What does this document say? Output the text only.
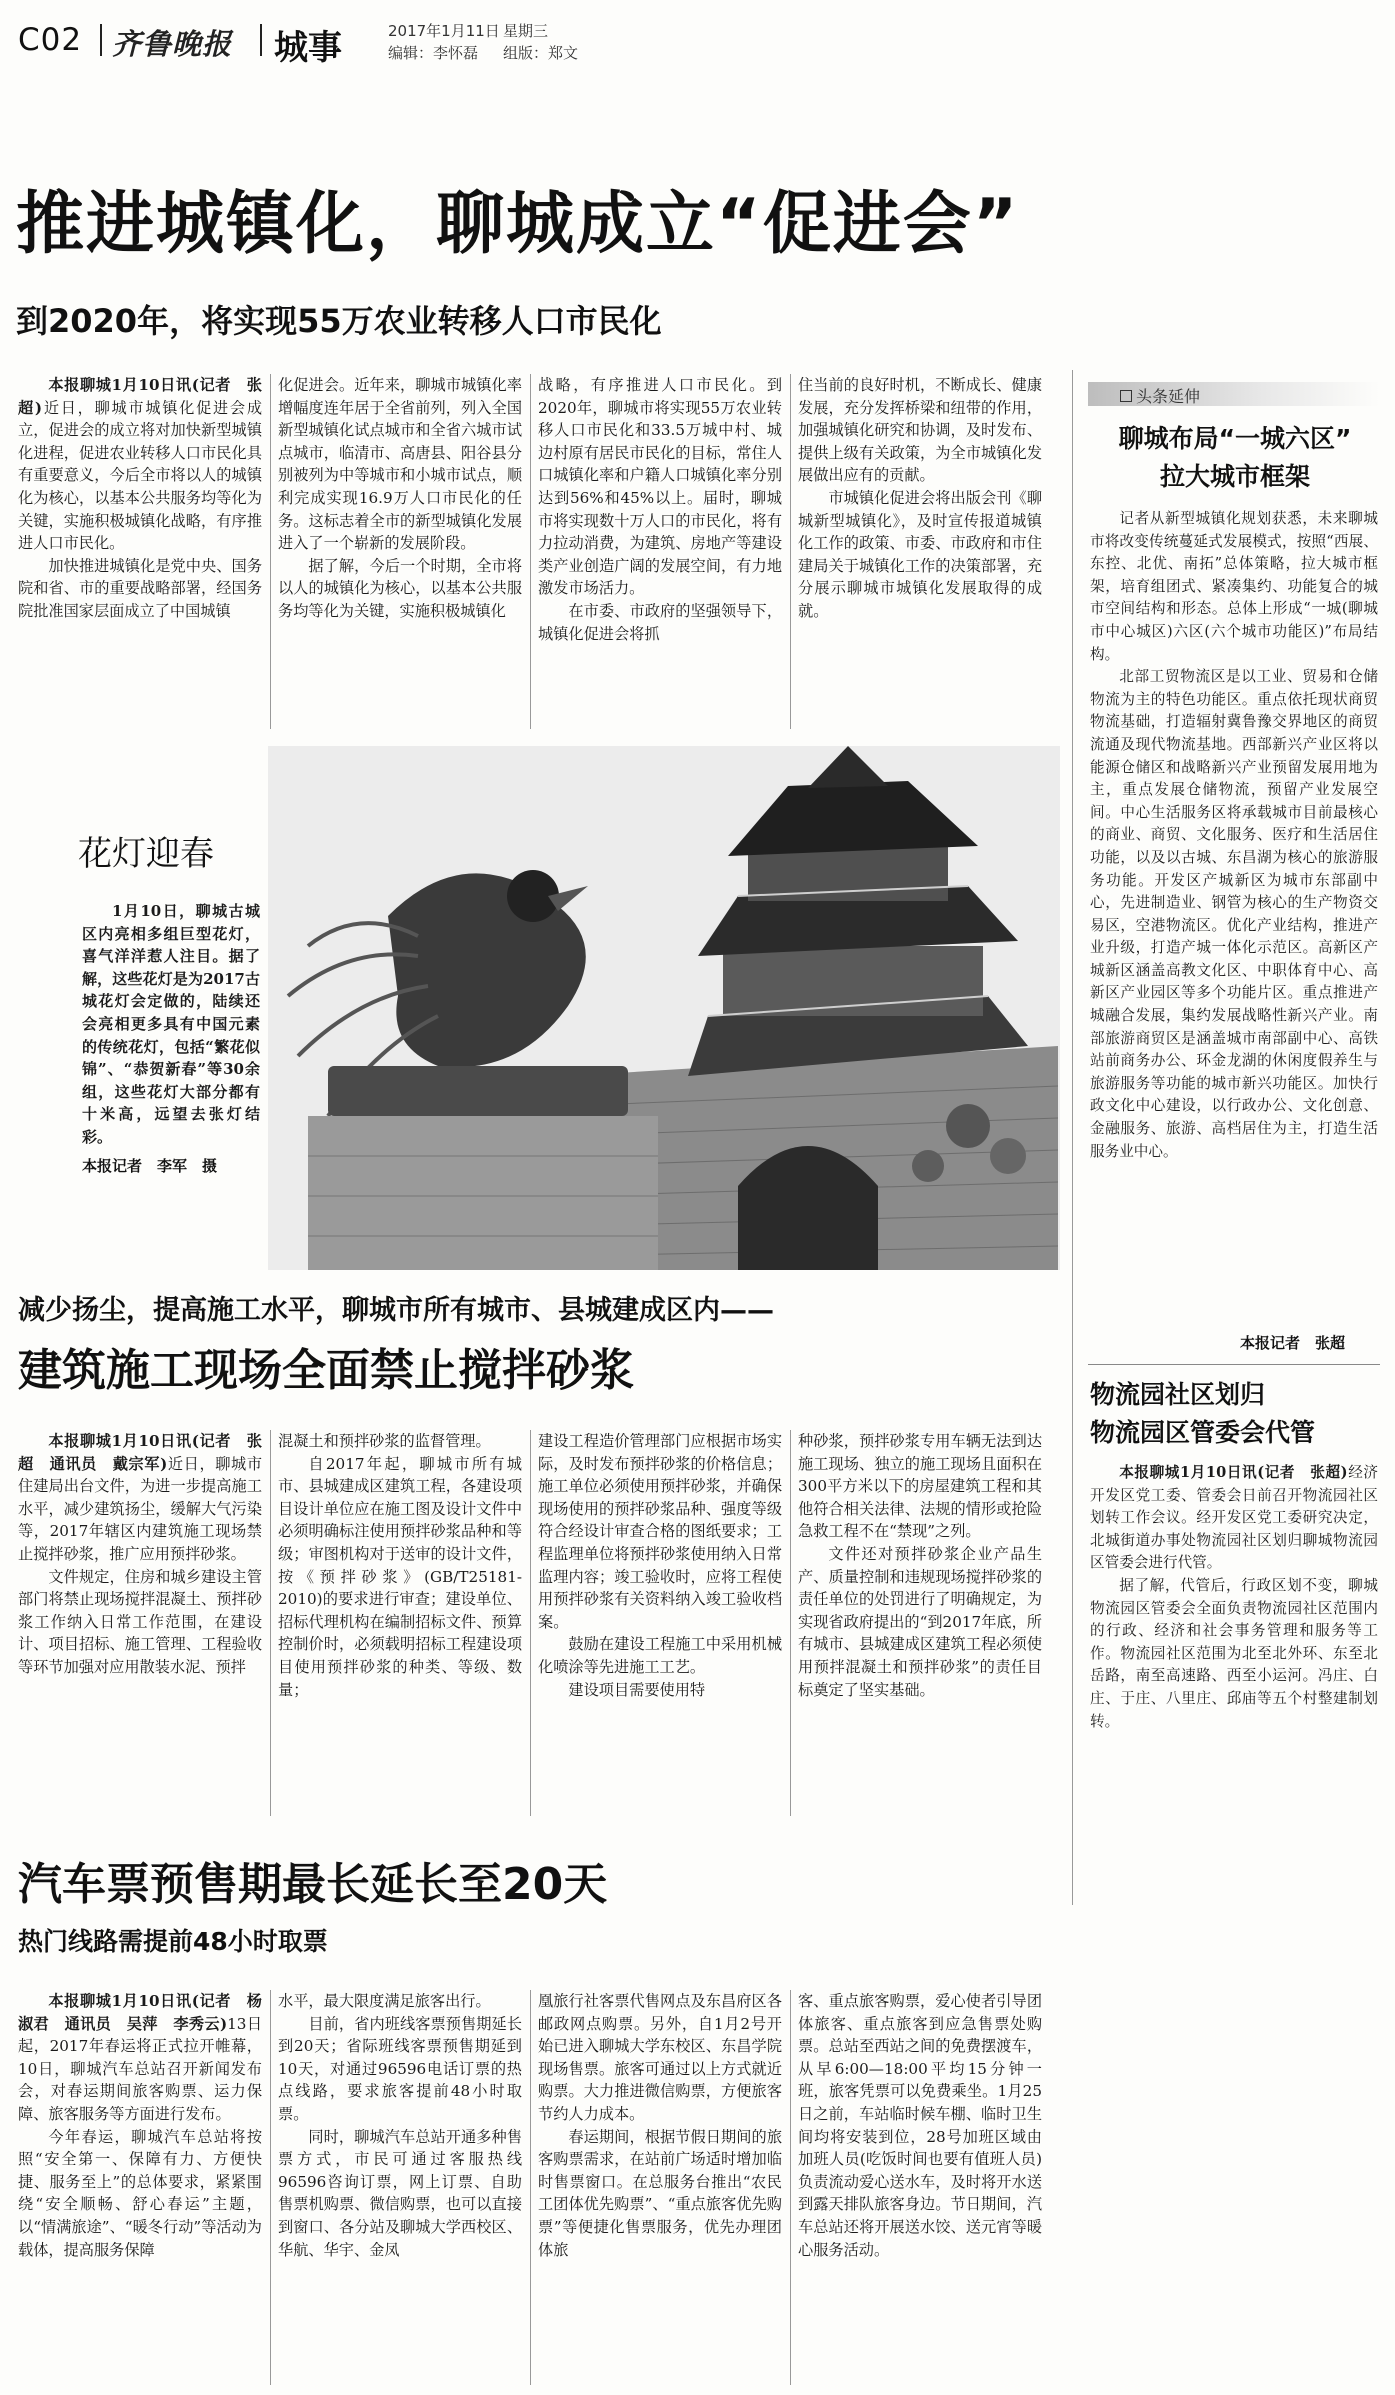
C02 齐鲁晚报 城事	2017年1月11日 星期三
编辑：李怀磊 组版：郑文
推进城镇化，聊城成立“促进会”
到2020年，将实现55万农业转移人口市民化

本报聊城1月10日讯(记者　张超)近日，聊城市城镇化促进会成立，促进会的成立将对加快新型城镇化进程，促进农业转移人口市民化具有重要意义，今后全市将以人的城镇化为核心，以基本公共服务均等化为关键，实施积极城镇化战略，有序推进人口市民化。

加快推进城镇化是党中央、国务院和省、市的重要战略部署，经国务院批准国家层面成立了中国城镇

化促进会。近年来，聊城市城镇化率增幅度连年居于全省前列，列入全国新型城镇化试点城市和全省六城市试点城市，临清市、高唐县、阳谷县分别被列为中等城市和小城市试点，顺利完成实现16.9万人口市民化的任务。这标志着全市的新型城镇化发展进入了一个崭新的发展阶段。

据了解，今后一个时期，全市将以人的城镇化为核心，以基本公共服务均等化为关键，实施积极城镇化

战略，有序推进人口市民化。到2020年，聊城市将实现55万农业转移人口市民化和33.5万城中村、城边村原有居民市民化的目标，常住人口城镇化率和户籍人口城镇化率分别达到56%和45%以上。届时，聊城市将实现数十万人口的市民化，将有力拉动消费，为建筑、房地产等建设类产业创造广阔的发展空间，有力地激发市场活力。

在市委、市政府的坚强领导下，城镇化促进会将抓

住当前的良好时机，不断成长、健康发展，充分发挥桥梁和纽带的作用，加强城镇化研究和协调，及时发布、提供上级有关政策，为全市城镇化发展做出应有的贡献。

市城镇化促进会将出版会刊《聊城新型城镇化》，及时宣传报道城镇化工作的政策、市委、市政府和市住建局关于城镇化工作的决策部署，充分展示聊城市城镇化发展取得的成就。

花灯迎春

1月10日，聊城古城区内亮相多组巨型花灯，喜气洋洋惹人注目。据了解，这些花灯是为2017古城花灯会定做的，陆续还会亮相更多具有中国元素的传统花灯，包括“繁花似锦”、“恭贺新春”等30余组，这些花灯大部分都有十米高，远望去张灯结彩。

本报记者　李军　摄
头条延伸
聊城布局“一城六区”
拉大城市框架

记者从新型城镇化规划获悉，未来聊城市将改变传统蔓延式发展模式，按照“西展、东控、北优、南拓”总体策略，拉大城市框架，培育组团式、紧凑集约、功能复合的城市空间结构和形态。总体上形成“一城(聊城市中心城区)六区(六个城市功能区)”布局结构。

北部工贸物流区是以工业、贸易和仓储物流为主的特色功能区。重点依托现状商贸物流基础，打造辐射冀鲁豫交界地区的商贸流通及现代物流基地。西部新兴产业区将以能源仓储区和战略新兴产业预留发展用地为主，重点发展仓储物流，预留产业发展空间。中心生活服务区将承载城市目前最核心的商业、商贸、文化服务、医疗和生活居住功能，以及以古城、东昌湖为核心的旅游服务功能。开发区产城新区为城市东部副中心，先进制造业、钢管为核心的生产物资交易区，空港物流区。优化产业结构，推进产业升级，打造产城一体化示范区。高新区产城新区涵盖高教文化区、中职体育中心、高新区产业园区等多个功能片区。重点推进产城融合发展，集约发展战略性新兴产业。南部旅游商贸区是涵盖城市南部副中心、高铁站前商务办公、环金龙湖的休闲度假养生与旅游服务等功能的城市新兴功能区。加快行政文化中心建设，以行政办公、文化创意、金融服务、旅游、高档居住为主，打造生活服务业中心。

本报记者　张超
物流园社区划归
物流园区管委会代管

本报聊城1月10日讯(记者　张超)经济开发区党工委、管委会日前召开物流园社区划转工作会议。经开发区党工委研究决定，北城街道办事处物流园社区划归聊城物流园区管委会进行代管。

据了解，代管后，行政区划不变，聊城物流园区管委会全面负责物流园社区范围内的行政、经济和社会事务管理和服务等工作。物流园社区范围为北至北外环、东至北岳路，南至高速路、西至小运河。冯庄、白庄、于庄、八里庄、邱庙等五个村整建制划转。

减少扬尘，提高施工水平，聊城市所有城市、县城建成区内——
建筑施工现场全面禁止搅拌砂浆

本报聊城1月10日讯(记者　张超　通讯员　戴宗军)近日，聊城市住建局出台文件，为进一步提高施工水平，减少建筑扬尘，缓解大气污染等，2017年辖区内建筑施工现场禁止搅拌砂浆，推广应用预拌砂浆。

文件规定，住房和城乡建设主管部门将禁止现场搅拌混凝土、预拌砂浆工作纳入日常工作范围，在建设计、项目招标、施工管理、工程验收等环节加强对应用散装水泥、预拌

混凝土和预拌砂浆的监督管理。

自2017年起，聊城市所有城市、县城建成区建筑工程，各建设项目设计单位应在施工图及设计文件中必须明确标注使用预拌砂浆品种和等级；审图机构对于送审的设计文件，按《预拌砂浆》(GB/T25181-2010)的要求进行审查；建设单位、招标代理机构在编制招标文件、预算控制价时，必须载明招标工程建设项目使用预拌砂浆的种类、等级、数量；

建设工程造价管理部门应根据市场实际，及时发布预拌砂浆的价格信息；施工单位必须使用预拌砂浆，并确保现场使用的预拌砂浆品种、强度等级符合经设计审查合格的图纸要求；工程监理单位将预拌砂浆使用纳入日常监理内容；竣工验收时，应将工程使用预拌砂浆有关资料纳入竣工验收档案。

鼓励在建设工程施工中采用机械化喷涂等先进施工工艺。

建设项目需要使用特

种砂浆，预拌砂浆专用车辆无法到达施工现场、独立的施工现场且面积在300平方米以下的房屋建筑工程和其他符合相关法律、法规的情形或抢险急救工程不在“禁现”之列。

文件还对预拌砂浆企业产品生产、质量控制和违规现场搅拌砂浆的责任单位的处罚进行了明确规定，为实现省政府提出的“到2017年底，所有城市、县城建成区建筑工程必须使用预拌混凝土和预拌砂浆”的责任目标奠定了坚实基础。

汽车票预售期最长延长至20天
热门线路需提前48小时取票

本报聊城1月10日讯(记者　杨淑君　通讯员　吴萍　李秀云)13日起，2017年春运将正式拉开帷幕，10日，聊城汽车总站召开新闻发布会，对春运期间旅客购票、运力保障、旅客服务等方面进行发布。

今年春运，聊城汽车总站将按照“安全第一、保障有力、方便快捷、服务至上”的总体要求，紧紧围绕“安全顺畅、舒心春运”主题，以“情满旅途”、“暖冬行动”等活动为载体，提高服务保障

水平，最大限度满足旅客出行。

目前，省内班线客票预售期延长到20天；省际班线客票预售期延到10天，对通过96596电话订票的热点线路，要求旅客提前48小时取票。

同时，聊城汽车总站开通多种售票方式，市民可通过客服热线96596咨询订票，网上订票、自助售票机购票、微信购票，也可以直接到窗口、各分站及聊城大学西校区、华航、华宇、金凤

凰旅行社客票代售网点及东昌府区各邮政网点购票。另外，自1月2号开始已进入聊城大学东校区、东昌学院现场售票。旅客可通过以上方式就近购票。大力推进微信购票，方便旅客节约人力成本。

春运期间，根据节假日期间的旅客购票需求，在站前广场适时增加临时售票窗口。在总服务台推出“农民工团体优先购票”、“重点旅客优先购票”等便捷化售票服务，优先办理团体旅

客、重点旅客购票，爱心使者引导团体旅客、重点旅客到应急售票处购票。总站至西站之间的免费摆渡车，从早6:00—18:00平均15分钟一班，旅客凭票可以免费乘坐。1月25日之前，车站临时候车棚、临时卫生间均将安装到位，28号加班区域由加班人员(吃饭时间也要有值班人员)负责流动爱心送水车，及时将开水送到露天排队旅客身边。节日期间，汽车总站还将开展送水饺、送元宵等暖心服务活动。
